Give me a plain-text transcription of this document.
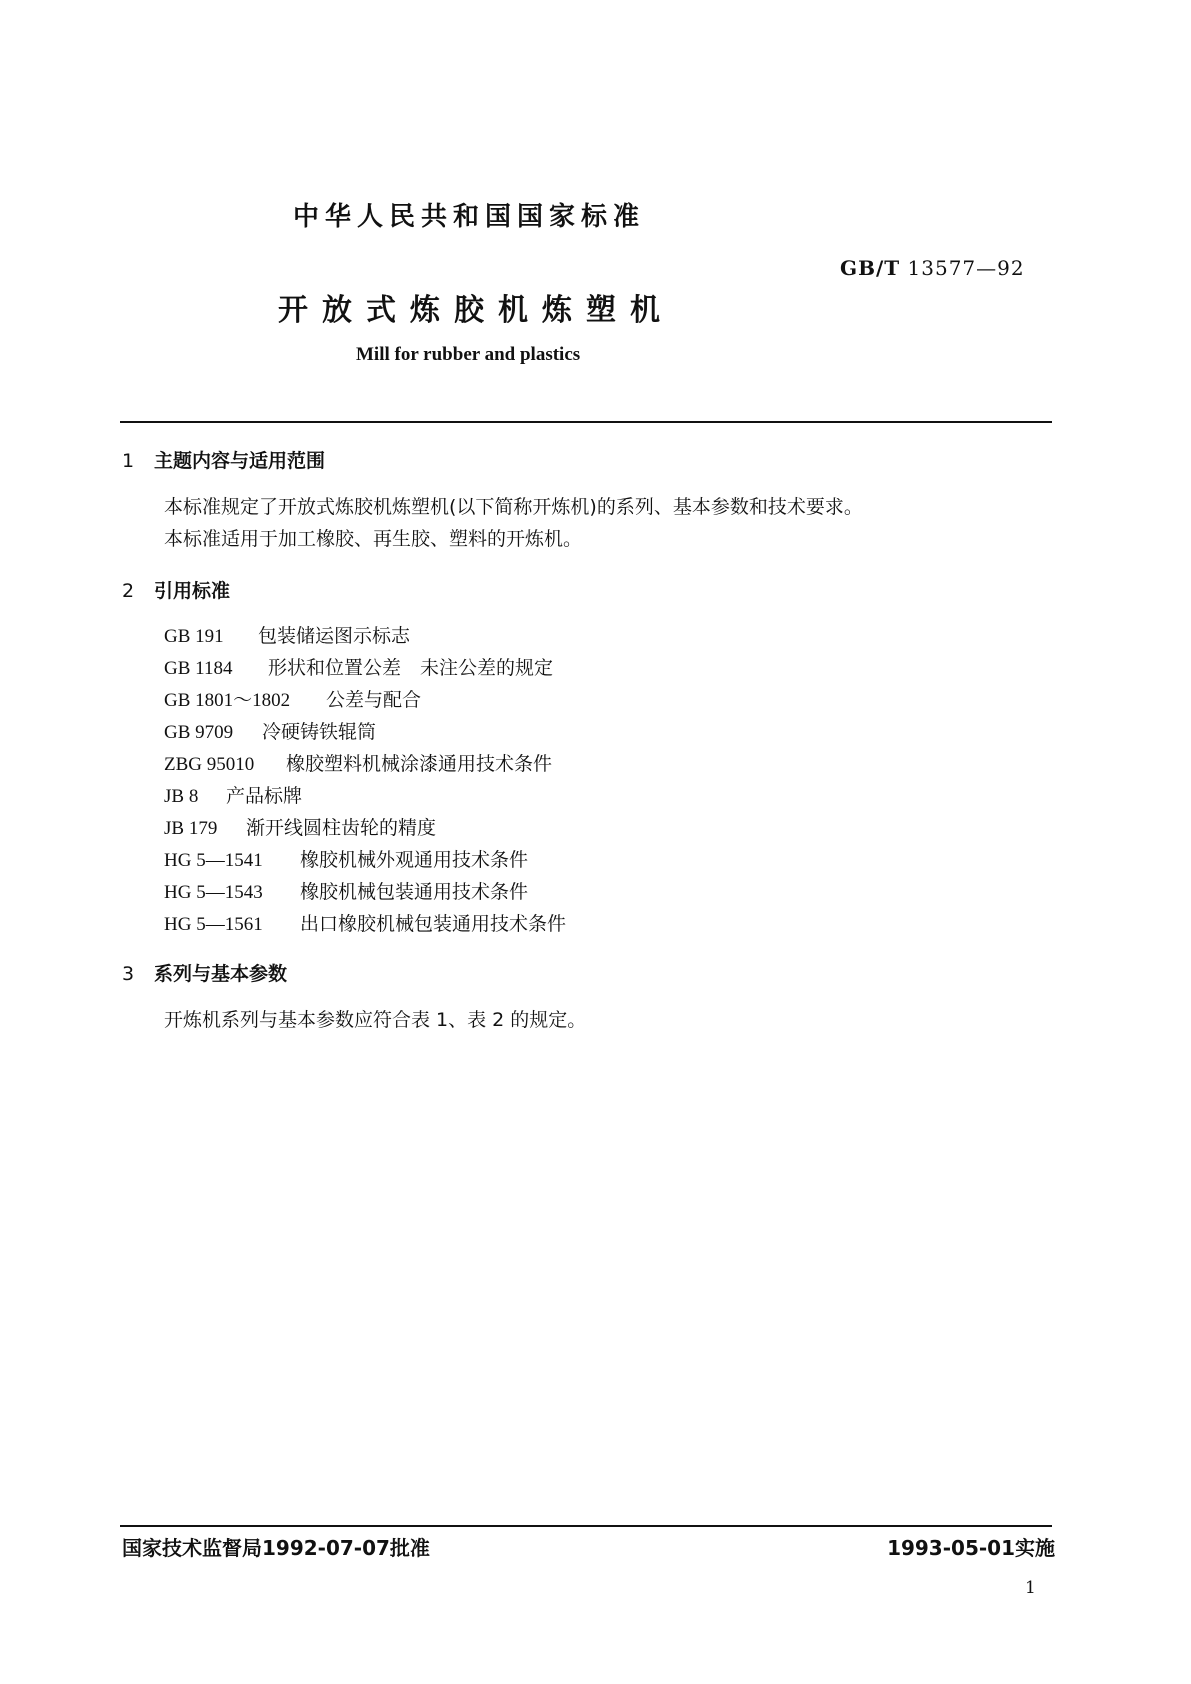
中华人民共和国国家标准
GB/T 13577—92
开放式炼胶机炼塑机
Mill for rubber and plastics
1 主题内容与适用范围
本标准规定了开放式炼胶机炼塑机(以下简称开炼机)的系列、基本参数和技术要求。
本标准适用于加工橡胶、再生胶、塑料的开炼机。
2 引用标准
GB 191 包装储运图示标志
GB 1184 形状和位置公差　未注公差的规定
GB 1801～1802 公差与配合
GB 9709 冷硬铸铁辊筒
ZBG 95010 橡胶塑料机械涂漆通用技术条件
JB 8 产品标牌
JB 179 渐开线圆柱齿轮的精度
HG 5—1541 橡胶机械外观通用技术条件
HG 5—1543 橡胶机械包装通用技术条件
HG 5—1561 出口橡胶机械包装通用技术条件
3 系列与基本参数
开炼机系列与基本参数应符合表 1、表 2 的规定。
国家技术监督局1992-07-07批准	1993-05-01实施
1
